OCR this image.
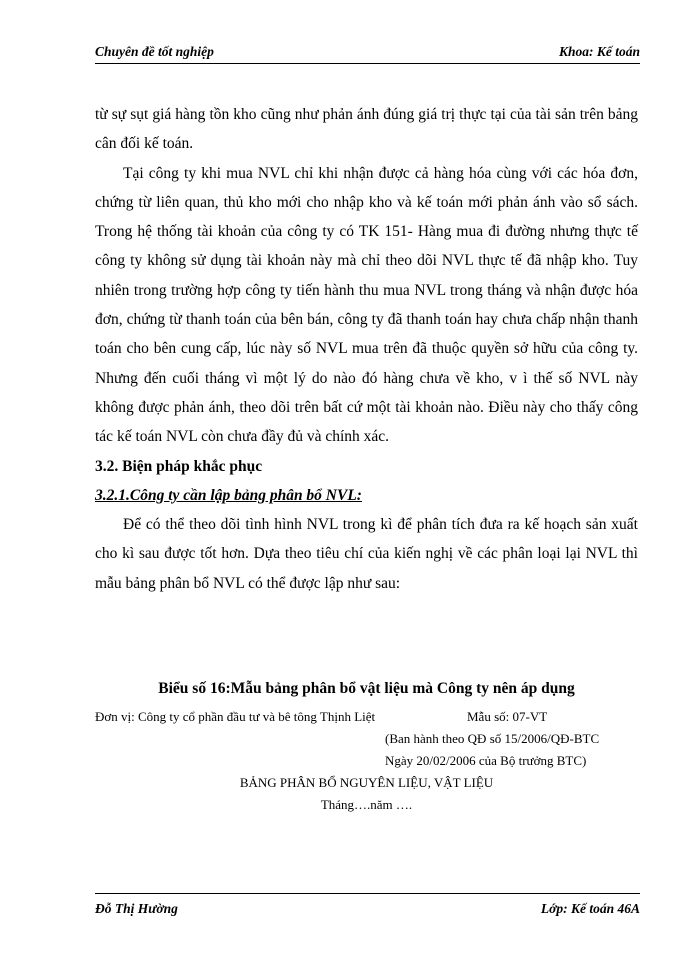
Chuyên đề tốt nghiệp	Khoa: Kế toán

từ sự sụt giá hàng tồn kho cũng như phản ánh đúng giá trị thực tại của tài sản trên bảng cân đối kế toán.

Tại công ty khi mua NVL chỉ khi nhận được cả hàng hóa cùng với các hóa đơn, chứng từ liên quan, thủ kho mới cho nhập kho và kế toán mới phản ánh vào sổ sách. Trong hệ thống tài khoản của công ty có TK 151- Hàng mua đi đường nhưng thực tế công ty không sử dụng tài khoản này mà chỉ theo dõi NVL thực tế đã nhập kho. Tuy nhiên trong trường hợp công ty tiến hành thu mua NVL trong tháng và nhận được hóa đơn, chứng từ thanh toán của bên bán, công ty đã thanh toán hay chưa chấp nhận thanh toán cho bên cung cấp, lúc này số NVL mua trên đã thuộc quyền sở hữu của công ty. Nhưng đến cuối tháng vì một lý do nào đó hàng chưa về kho, v ì thế số NVL này không được phản ánh, theo dõi trên bất cứ một tài khoản nào. Điều này cho thấy công tác kế toán NVL còn chưa đầy đủ và chính xác.

3.2. Biện pháp khắc phục

3.2.1.Công ty cần lập bảng phân bổ NVL:

Để có thể theo dõi tình hình NVL trong kì để phân tích đưa ra kế hoạch sản xuất cho kì sau được tốt hơn. Dựa theo tiêu chí của kiến nghị về các phân loại lại NVL thì mẫu bảng phân bổ NVL có thể được lập như sau:

Biểu số 16:Mẫu bảng phân bổ vật liệu mà Công ty nên áp dụng

Đơn vị: Công ty cổ phần đầu tư và bê tông Thịnh Liệt	Mẫu số: 07-VT
(Ban hành theo QĐ số 15/2006/QĐ-BTC
Ngày 20/02/2006 của Bộ trưởng BTC)
BẢNG PHÂN BỔ NGUYÊN LIỆU, VẬT LIỆU
Tháng….năm ….
Đỗ Thị Hường	Lớp: Kế toán 46A
